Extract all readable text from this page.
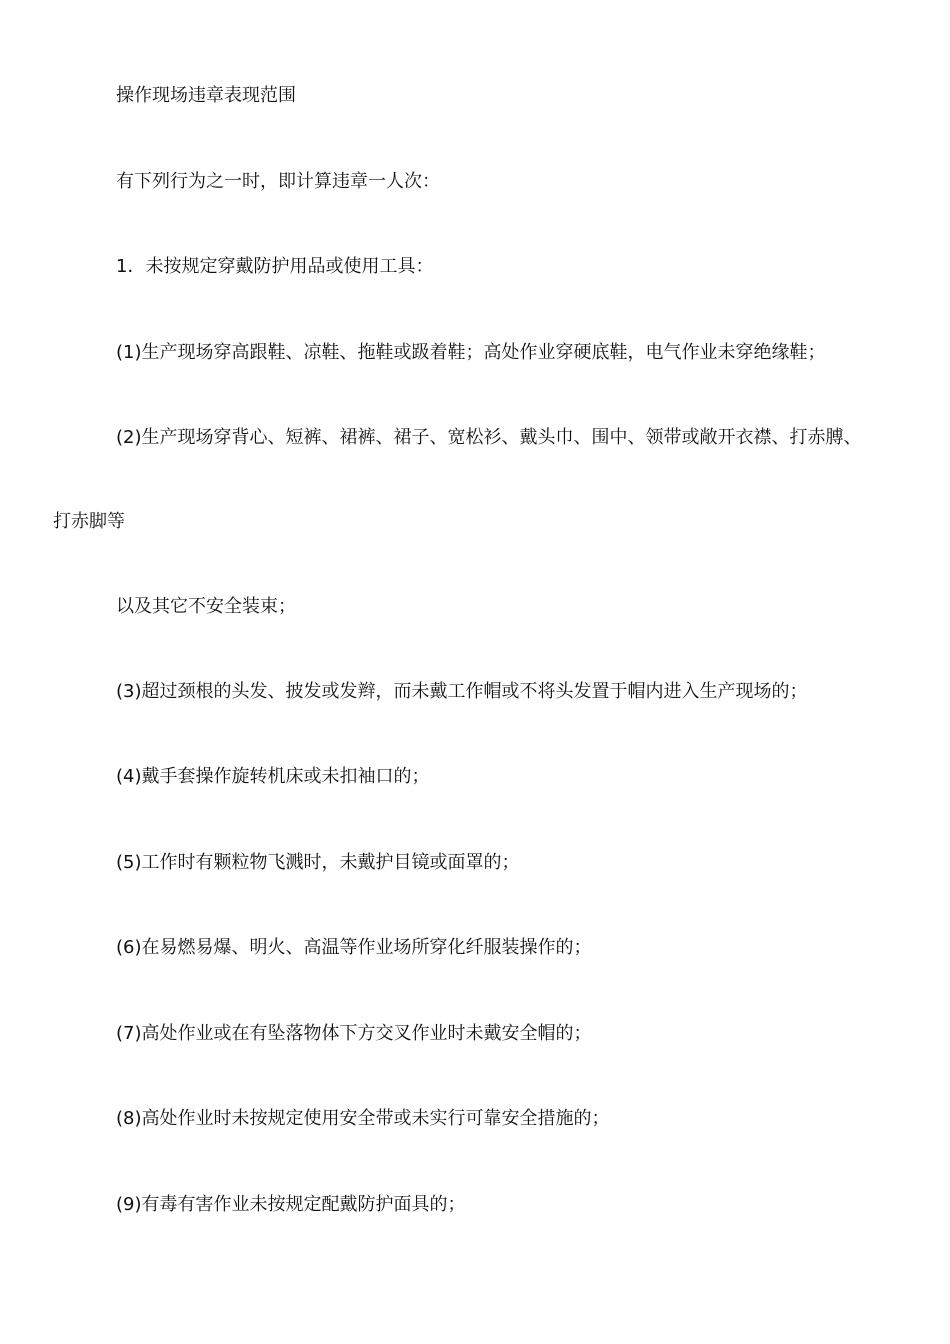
操作现场违章表现范围
有下列行为之一时，即计算违章一人次：
1．未按规定穿戴防护用品或使用工具：
(1)生产现场穿高跟鞋、凉鞋、拖鞋或趿着鞋；高处作业穿硬底鞋，电气作业未穿绝缘鞋；
(2)生产现场穿背心、短裤、裙裤、裙子、宽松衫、戴头巾、围中、领带或敞开衣襟、打赤膊、
打赤脚等
以及其它不安全装束；
(3)超过颈根的头发、披发或发辫，而未戴工作帽或不将头发置于帽内进入生产现场的；
(4)戴手套操作旋转机床或未扣袖口的；
(5)工作时有颗粒物飞溅时，未戴护目镜或面罩的；
(6)在易燃易爆、明火、高温等作业场所穿化纤服装操作的；
(7)高处作业或在有坠落物体下方交叉作业时未戴安全帽的；
(8)高处作业时未按规定使用安全带或未实行可靠安全措施的；
(9)有毒有害作业未按规定配戴防护面具的；
